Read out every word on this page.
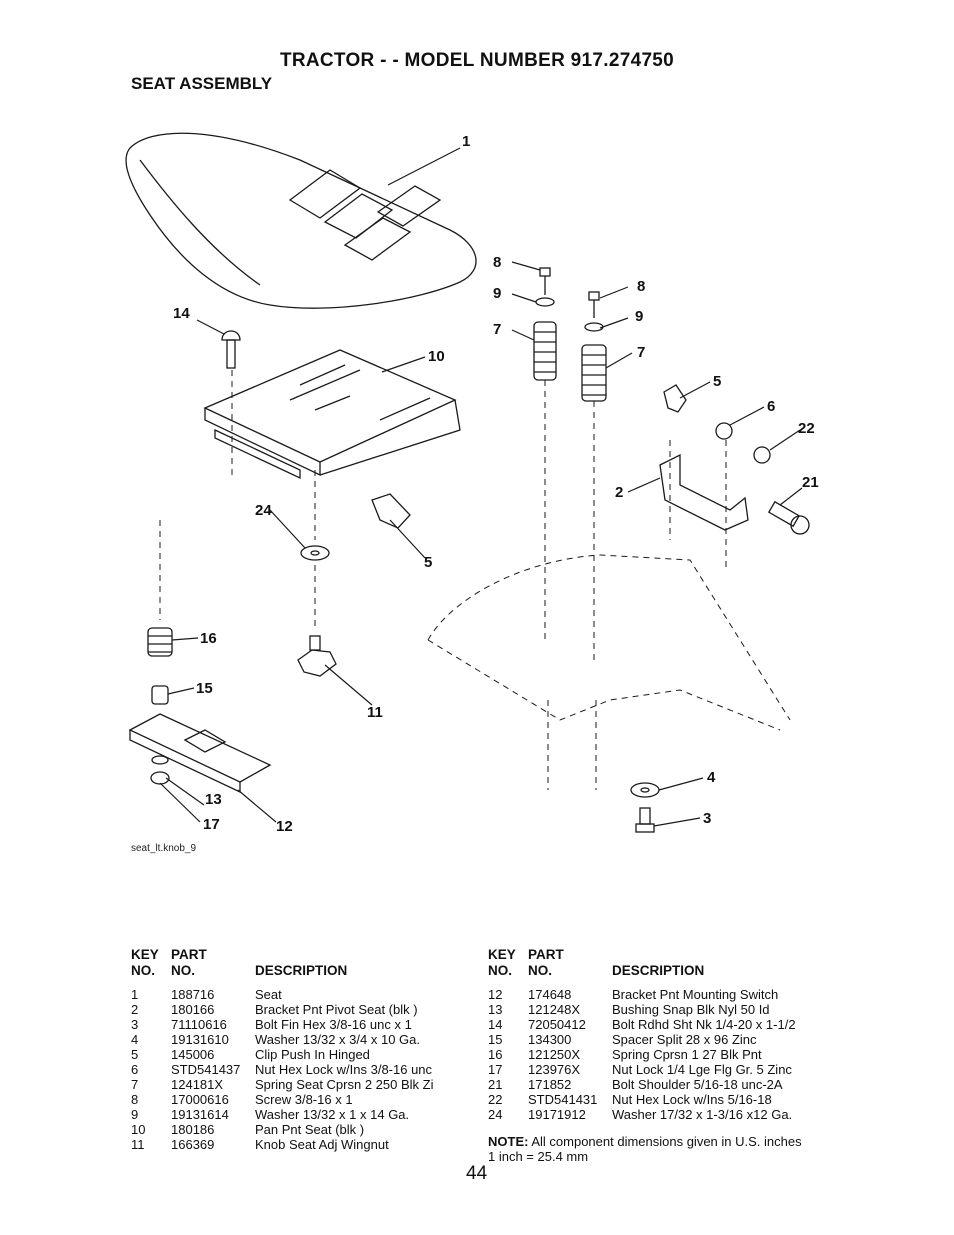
TRACTOR - - MODEL NUMBER 917.274750
SEAT ASSEMBLY
1
8
9
7
8
9
7
5
6
22
21
2
14
10
24
5
16
15
11
13
17	12
4
3
seat_lt.knob_9
KEY PART
NO. NO.	DESCRIPTION
1	188716	Seat
2	180166	Bracket Pnt Pivot Seat (blk )
3	71110616 Bolt Fin Hex 3/8-16 unc x 1
4	19131610 Washer 13/32 x 3/4 x 10 Ga.
5	145006	Clip Push In Hinged
6	STD541437 Nut Hex Lock w/Ins 3/8-16 unc
7	124181X Spring Seat Cprsn 2 250 Blk Zi
8	17000616 Screw 3/8-16 x 1
9	19131614 Washer 13/32 x 1 x 14 Ga.
10 180186	Pan Pnt Seat (blk )
11 166369	Knob Seat Adj Wingnut
KEY PART
NO. NO.	DESCRIPTION
12 174648	Bracket Pnt Mounting Switch
13 121248X Bushing Snap Blk Nyl 50 Id
14 72050412 Bolt Rdhd Sht Nk 1/4-20 x 1-1/2
15 134300	Spacer Split 28 x 96 Zinc
16 121250X Spring Cprsn 1 27 Blk Pnt
17 123976X Nut Lock 1/4 Lge Flg Gr. 5 Zinc
21 171852	Bolt Shoulder 5/16-18 unc-2A
22 STD541431 Nut Hex Lock w/Ins 5/16-18
24 19171912 Washer 17/32 x 1-3/16 x12 Ga.
NOTE: All component dimensions given in U.S. inches
1 inch = 25.4 mm
44
